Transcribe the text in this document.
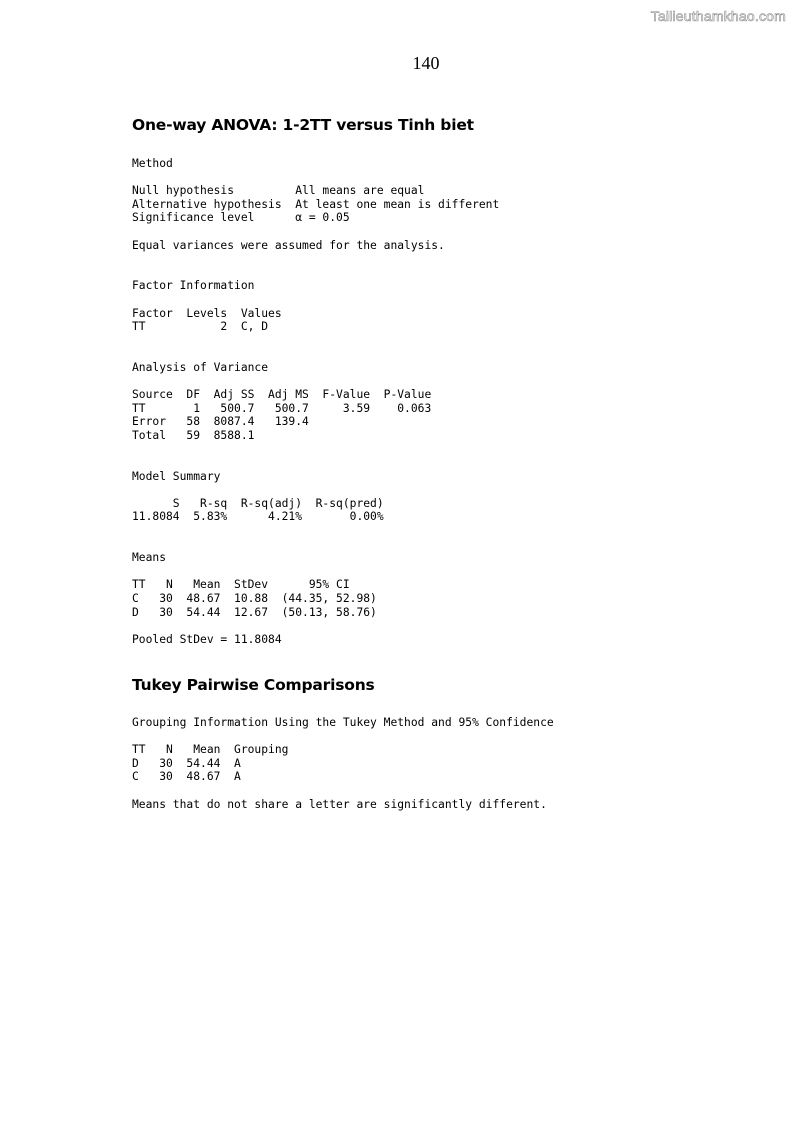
Tailieuthamkhao.com
140
One-way ANOVA: 1-2TT versus Tinh biet
Method

Null hypothesis         All means are equal
Alternative hypothesis  At least one mean is different
Significance level      α = 0.05

Equal variances were assumed for the analysis.

Factor Information

Factor  Levels  Values
TT           2  C, D

Analysis of Variance

Source  DF  Adj SS  Adj MS  F-Value  P-Value
TT       1   500.7   500.7     3.59    0.063
Error   58  8087.4   139.4
Total   59  8588.1

Model Summary

S   R-sq  R-sq(adj)  R-sq(pred)
11.8084  5.83%      4.21%       0.00%

Means

TT   N   Mean  StDev      95% CI
C   30  48.67  10.88  (44.35, 52.98)
D   30  54.44  12.67  (50.13, 58.76)

Pooled StDev = 11.8084
Tukey Pairwise Comparisons
Grouping Information Using the Tukey Method and 95% Confidence

TT   N   Mean  Grouping
D   30  54.44  A
C   30  48.67  A

Means that do not share a letter are significantly different.
